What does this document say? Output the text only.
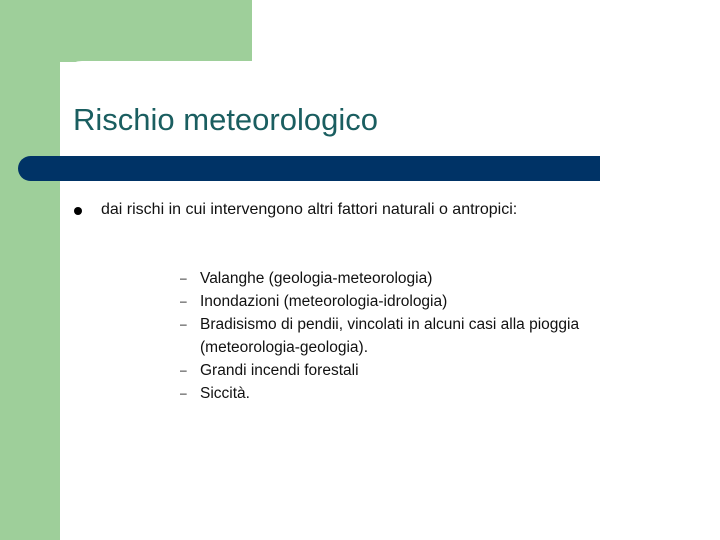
Rischio meteorologico
dai rischi in cui intervengono altri fattori naturali o antropici:
– Valanghe (geologia-meteorologia)
– Inondazioni (meteorologia-idrologia)
– Bradisismo di pendii, vincolati in alcuni casi alla pioggia (meteorologia-geologia).
– Grandi incendi forestali
– Siccità.
